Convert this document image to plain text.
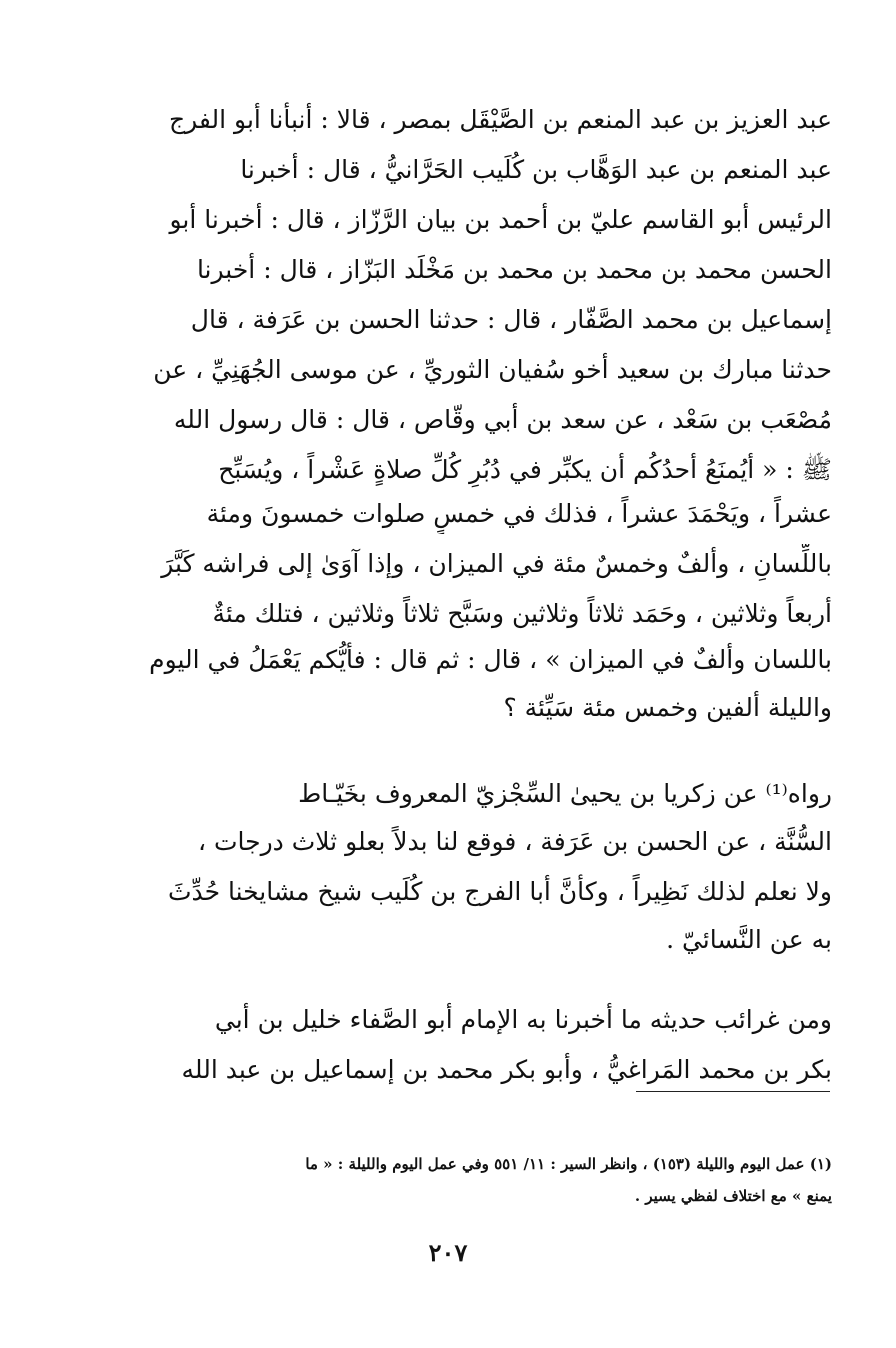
عبد العزيز بن عبد المنعم بن الصَّيْقَل بمصر ، قالا : أنبأنا أبو الفرج
عبد المنعم بن عبد الوَهَّاب بن كُلَيب الحَرَّانيُّ ، قال : أخبرنا
الرئيس أبو القاسم عليّ بن أحمد بن بيان الرَّزّاز ، قال : أخبرنا أبو
الحسن محمد بن محمد بن محمد بن مَخْلَد البَزّاز ، قال : أخبرنا
إسماعيل بن محمد الصَّفّار ، قال : حدثنا الحسن بن عَرَفة ، قال
حدثنا مبارك بن سعيد أخو سُفيان الثوريِّ ، عن موسى الجُهَنِيِّ ، عن
مُصْعَب بن سَعْد ، عن سعد بن أبي وقّاص ، قال : قال رسول الله
ﷺ : « أيُمنَعُ أحدُكُم أن يكبِّر في دُبُرِ كُلِّ صلاةٍ عَشْراً ، ويُسَبِّح
عشراً ، ويَحْمَدَ عشراً ، فذلك في خمسٍ صلوات خمسونَ ومئة
باللِّسانِ ، وألفٌ وخمسٌ مئة في الميزان ، وإذا آوَىٰ إلى فراشه كَبَّرَ
أربعاً وثلاثين ، وحَمَد ثلاثاً وثلاثين وسَبَّح ثلاثاً وثلاثين ، فتلك مئةٌ
باللسان وألفٌ في الميزان » ، قال : ثم قال : فأيُّكم يَعْمَلُ في اليوم
والليلة ألفين وخمس مئة سَيِّئة ؟
رواه⁽¹⁾ عن زكريا بن يحيىٰ السِّجْزيّ المعروف بخَيّـاط
السُّنَّة ، عن الحسن بن عَرَفة ، فوقع لنا بدلاً بعلو ثلاث درجات ،
ولا نعلم لذلك نَظِيراً ، وكأنَّ أبا الفرج بن كُلَيب شيخ مشايخنا حُدِّثَ
به عن النَّسائيّ .
ومن غرائب حديثه ما أخبرنا به الإمام أبو الصَّفاء خليل بن أبي
بكر بن محمد المَراغيُّ ، وأبو بكر محمد بن إسماعيل بن عبد الله
(١) عمل اليوم والليلة (١٥٣) ، وانظر السير : ١١/ ٥٥١ وفي عمل اليوم والليلة : « ما
يمنع » مع اختلاف لفظي يسير .
٢٠٧
